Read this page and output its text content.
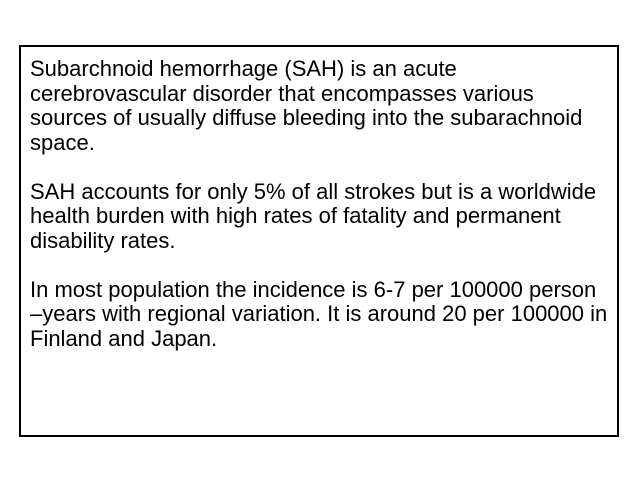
Subarchnoid hemorrhage (SAH) is an acute cerebrovascular disorder that encompasses various sources of usually diffuse bleeding into the subarachnoid space.

SAH accounts for only 5% of all strokes but is a worldwide health burden with high rates of fatality and permanent disability rates.

In most population the incidence is 6-7 per 100000 person –years with regional variation. It is around 20 per 100000 in Finland and Japan.
